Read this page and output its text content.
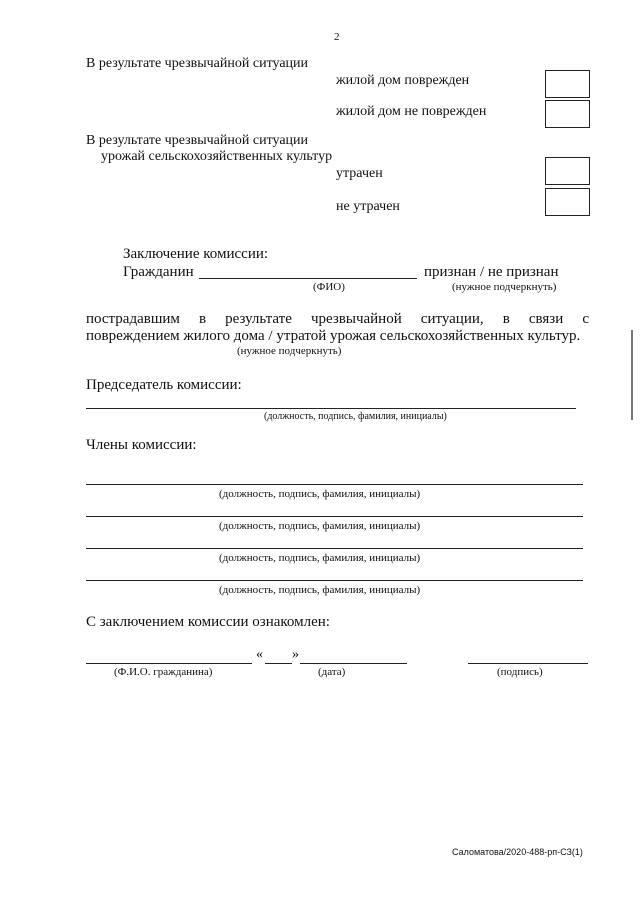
2
В результате чрезвычайной ситуации
жилой дом поврежден
жилой дом не поврежден
В результате чрезвычайной ситуации
урожай сельскохозяйственных культур
утрачен
не утрачен
Заключение комиссии:
Гражданин	признан / не признан
(ФИО)	(нужное подчеркнуть)
пострадавшим в результате чрезвычайной ситуации, в связи с
повреждением жилого дома / утратой урожая сельскохозяйственных культур.
(нужное подчеркнуть)
Председатель комиссии:
(должность, подпись, фамилия, инициалы)
Члены комиссии:
(должность, подпись, фамилия, инициалы)
(должность, подпись, фамилия, инициалы)
(должность, подпись, фамилия, инициалы)
(должность, подпись, фамилия, инициалы)
С заключением комиссии ознакомлен:
« »
(Ф.И.О. гражданина)	(дата)	(подпись)
Саломатова/2020-488-рп-СЗ(1)
